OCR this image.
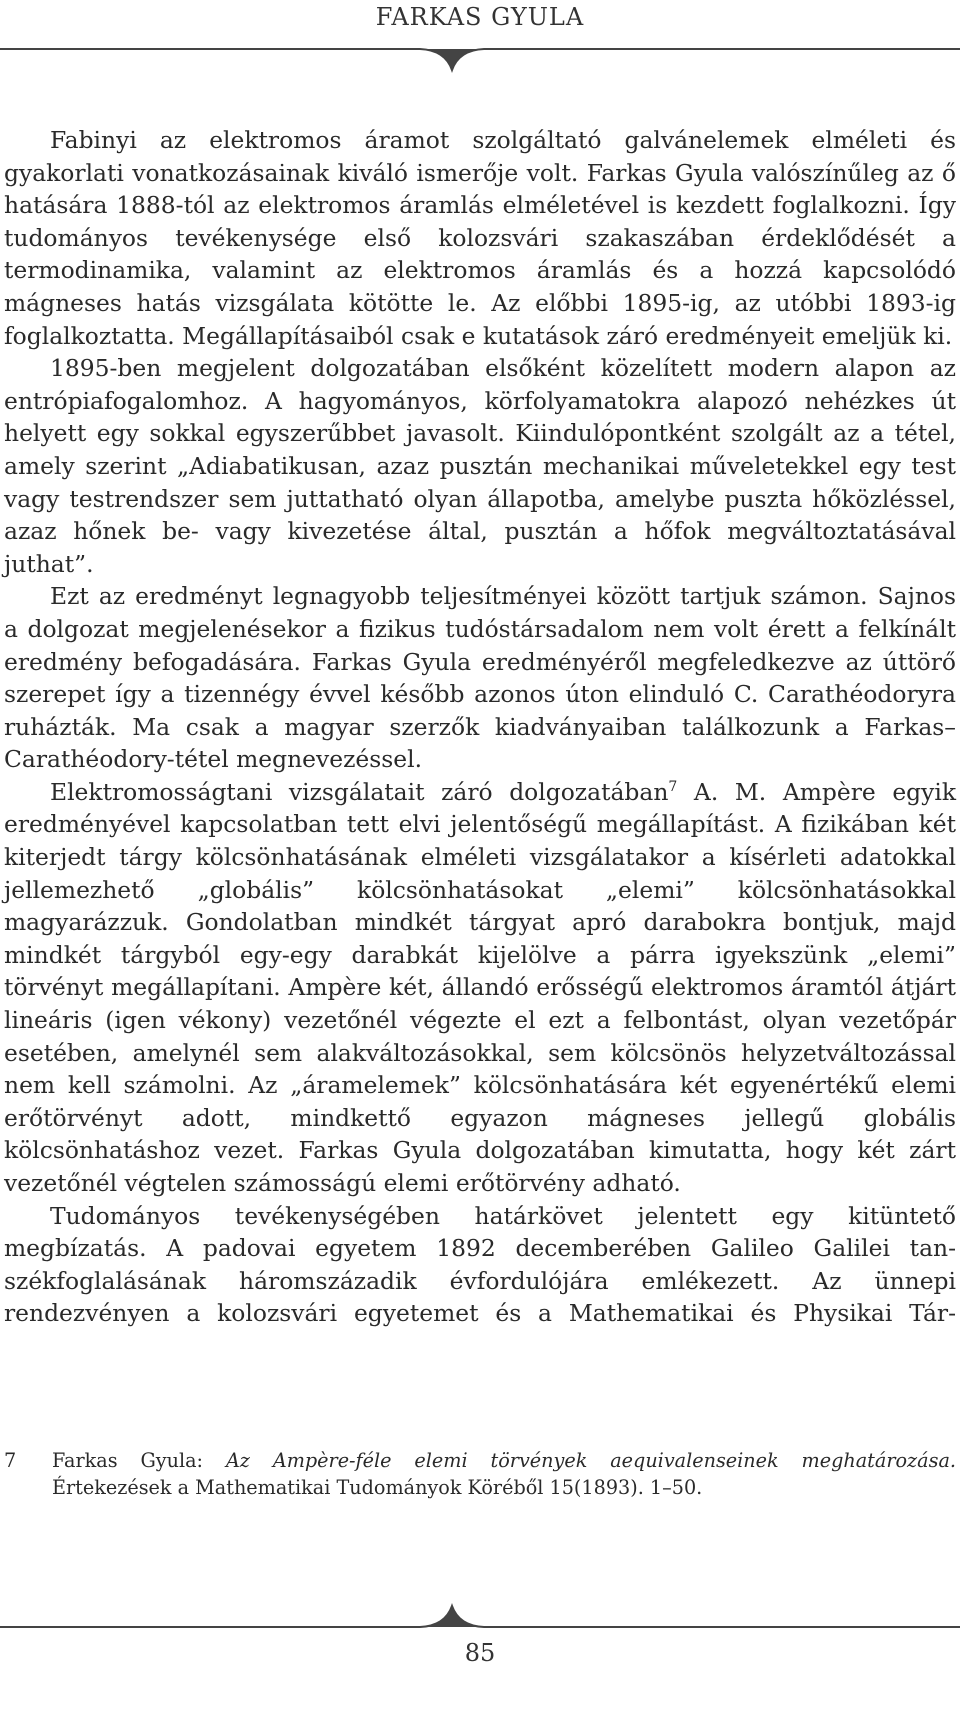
FARKAS GYULA

Fabinyi az elektromos áramot szolgáltató galvánelemek elméleti és gyakorlati vonatkozásainak kiváló ismerője volt. Farkas Gyula valószínűleg az ő hatására 1888-tól az elektromos áramlás elméletével is kezdett foglalkozni. Így tudományos tevékenysége első kolozsvári szakaszában érdeklődését a termodinamika, valamint az elektromos áramlás és a hozzá kapcsolódó mágneses hatás vizsgálata kötötte le. Az előbbi 1895-ig, az utóbbi 1893-ig foglalkoztatta. Megállapításaiból csak e kutatások záró eredményeit emeljük ki.

1895-ben megjelent dolgozatában elsőként közelített modern alapon az entrópiafogalomhoz. A hagyományos, körfolyamatokra alapozó nehézkes út helyett egy sokkal egyszerűbbet javasolt. Kiindulópontként szolgált az a tétel, amely szerint „Adiabatikusan, azaz pusztán mechanikai műveletekkel egy test vagy testrendszer sem juttatható olyan állapotba, amelybe puszta hőközléssel, azaz hőnek be- vagy kivezetése által, pusztán a hőfok megváltoztatásával juthat”.

Ezt az eredményt legnagyobb teljesítményei között tartjuk számon. Sajnos a dolgozat megjelenésekor a fizikus tudóstársadalom nem volt érett a felkínált eredmény befogadására. Farkas Gyula eredményéről megfeledkezve az úttörő szerepet így a tizennégy évvel később azonos úton elinduló C. Carathéodoryra ruházták. Ma csak a magyar szerzők kiadványaiban találkozunk a Farkas–Carathéodory-tétel megnevezéssel.

Elektromosságtani vizsgálatait záró dolgozatában$^7$ A. M. Ampère egyik eredményével kapcsolatban tett elvi jelentőségű megállapítást. A fizikában két kiterjedt tárgy kölcsönhatásának elméleti vizsgálatakor a kísérleti adatokkal jellemezhető „globális” kölcsönhatásokat „elemi” kölcsönhatásokkal magyarázzuk. Gondolatban mindkét tárgyat apró darabokra bontjuk, majd mindkét tárgyból egy-egy darabkát kijelölve a párra igyekszünk „elemi” törvényt megállapítani. Ampère két, állandó erősségű elektromos áramtól átjárt lineáris (igen vékony) vezetőnél végezte el ezt a felbontást, olyan vezetőpár esetében, amelynél sem alakváltozásokkal, sem kölcsönös helyzetváltozással nem kell számolni. Az „áramelemek” kölcsönhatására két egyenértékű elemi erőtörvényt adott, mindkettő egyazon mágneses jellegű globális kölcsönhatáshoz vezet. Farkas Gyula dolgozatában kimutatta, hogy két zárt vezetőnél végtelen számosságú elemi erőtörvény adható.

Tudományos tevékenységében határkövet jelentett egy kitüntető megbízatás. A padovai egyetem 1892 decemberében Galileo Galilei tanszékfoglalásának háromszázadik évfordulójára emlékezett. Az ünnepi rendezvényen a kolozsvári egyetemet és a Mathematikai és Physikai Tár-

7 Farkas Gyula: Az Ampère-féle elemi törvények aequivalenseinek meghatározása.
Értekezések a Mathematikai Tudományok Köréből 15(1893). 1–50.
85
